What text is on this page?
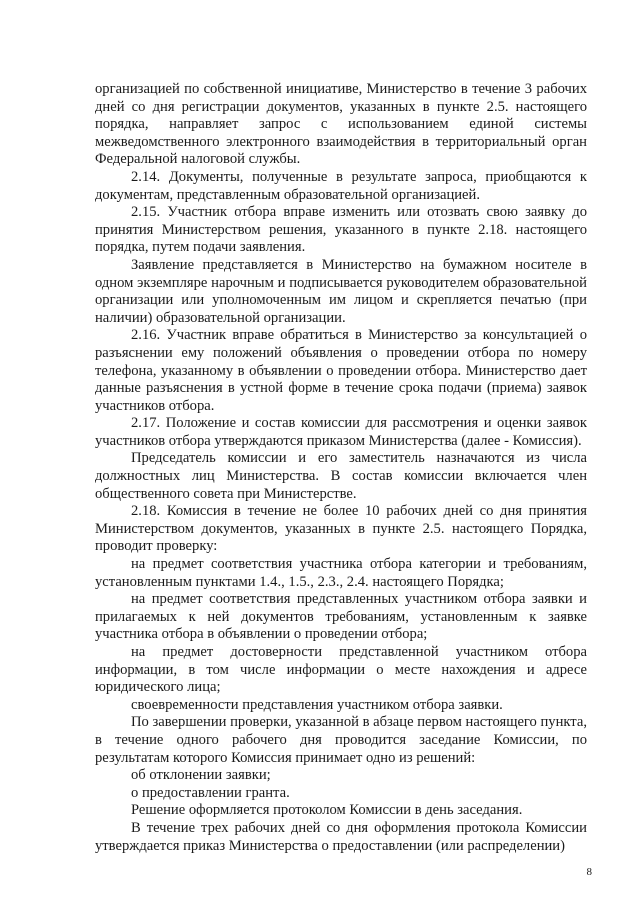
организацией по собственной инициативе, Министерство в течение 3 рабочих дней со дня регистрации документов, указанных в пункте 2.5. настоящего порядка, направляет запрос с использованием единой системы межведомственного электронного взаимодействия в территориальный орган Федеральной налоговой службы.

2.14. Документы, полученные в результате запроса, приобщаются к документам, представленным образовательной организацией.

2.15. Участник отбора вправе изменить или отозвать свою заявку до принятия Министерством решения, указанного в пункте 2.18. настоящего порядка, путем подачи заявления.

Заявление представляется в Министерство на бумажном носителе в одном экземпляре нарочным и подписывается руководителем образовательной организации или уполномоченным им лицом и скрепляется печатью (при наличии) образовательной организации.

2.16. Участник вправе обратиться в Министерство за консультацией о разъяснении ему положений объявления о проведении отбора по номеру телефона, указанному в объявлении о проведении отбора. Министерство дает данные разъяснения в устной форме в течение срока подачи (приема) заявок участников отбора.

2.17. Положение и состав комиссии для рассмотрения и оценки заявок участников отбора утверждаются приказом Министерства (далее - Комиссия).

Председатель комиссии и его заместитель назначаются из числа должностных лиц Министерства. В состав комиссии включается член общественного совета при Министерстве.

2.18. Комиссия в течение не более 10 рабочих дней со дня принятия Министерством документов, указанных в пункте 2.5. настоящего Порядка, проводит проверку:

на предмет соответствия участника отбора категории и требованиям, установленным пунктами 1.4., 1.5., 2.3., 2.4. настоящего Порядка;

на предмет соответствия представленных участником отбора заявки и прилагаемых к ней документов требованиям, установленным к заявке участника отбора в объявлении о проведении отбора;

на предмет достоверности представленной участником отбора информации, в том числе информации о месте нахождения и адресе юридического лица;

своевременности представления участником отбора заявки.

По завершении проверки, указанной в абзаце первом настоящего пункта, в течение одного рабочего дня проводится заседание Комиссии, по результатам которого Комиссия принимает одно из решений:

об отклонении заявки;

о предоставлении гранта.

Решение оформляется протоколом Комиссии в день заседания.

В течение трех рабочих дней со дня оформления протокола Комиссии утверждается приказ Министерства о предоставлении (или распределении)

8
